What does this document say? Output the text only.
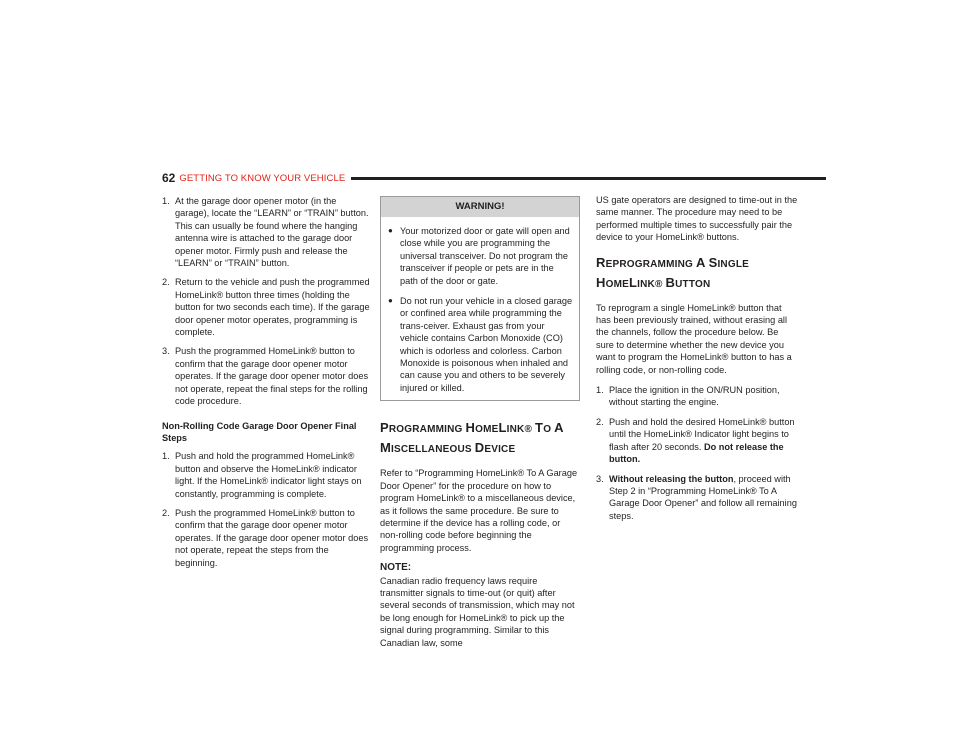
62 GETTING TO KNOW YOUR VEHICLE
1. At the garage door opener motor (in the garage), locate the “LEARN” or “TRAIN” button. This can usually be found where the hanging antenna wire is attached to the garage door opener motor. Firmly push and release the “LEARN” or “TRAIN” button.
2. Return to the vehicle and push the programmed HomeLink® button three times (holding the button for two seconds each time). If the garage door opener motor operates, programming is complete.
3. Push the programmed HomeLink® button to confirm that the garage door opener motor operates. If the garage door opener motor does not operate, repeat the final steps for the rolling code procedure.
Non-Rolling Code Garage Door Opener Final Steps
1. Push and hold the programmed HomeLink® button and observe the HomeLink® indicator light. If the HomeLink® indicator light stays on constantly, programming is complete.
2. Push the programmed HomeLink® button to confirm that the garage door opener motor operates. If the garage door opener motor does not operate, repeat the steps from the beginning.
WARNING!
● Your motorized door or gate will open and close while you are programming the universal transceiver. Do not program the transceiver if people or pets are in the path of the door or gate.
● Do not run your vehicle in a closed garage or confined area while programming the trans-ceiver. Exhaust gas from your vehicle contains Carbon Monoxide (CO) which is odorless and colorless. Carbon Monoxide is poisonous when inhaled and can cause you and others to be severely injured or killed.
PROGRAMMING HOMELINK® TO A
MISCELLANEOUS DEVICE

Refer to “Programming HomeLink® To A Garage Door Opener” for the procedure on how to program HomeLink® to a miscellaneous device, as it follows the same procedure. Be sure to determine if the device has a rolling code, or non-rolling code before beginning the programming process.

NOTE:

Canadian radio frequency laws require transmitter signals to time-out (or quit) after several seconds of transmission, which may not be long enough for HomeLink® to pick up the signal during programming. Similar to this Canadian law, some

US gate operators are designed to time-out in the same manner. The procedure may need to be performed multiple times to successfully pair the device to your HomeLink® buttons.

REPROGRAMMING A SINGLE
HOMELINK® BUTTON

To reprogram a single HomeLink® button that has been previously trained, without erasing all the channels, follow the procedure below. Be sure to determine whether the new device you want to program the HomeLink® button to has a rolling code, or non-rolling code.

1. Place the ignition in the ON/RUN position, without starting the engine.
2. Push and hold the desired HomeLink® button until the HomeLink® Indicator light begins to flash after 20 seconds. Do not release the button.
3. Without releasing the button, proceed with Step 2 in “Programming HomeLink® To A Garage Door Opener” and follow all remaining steps.
